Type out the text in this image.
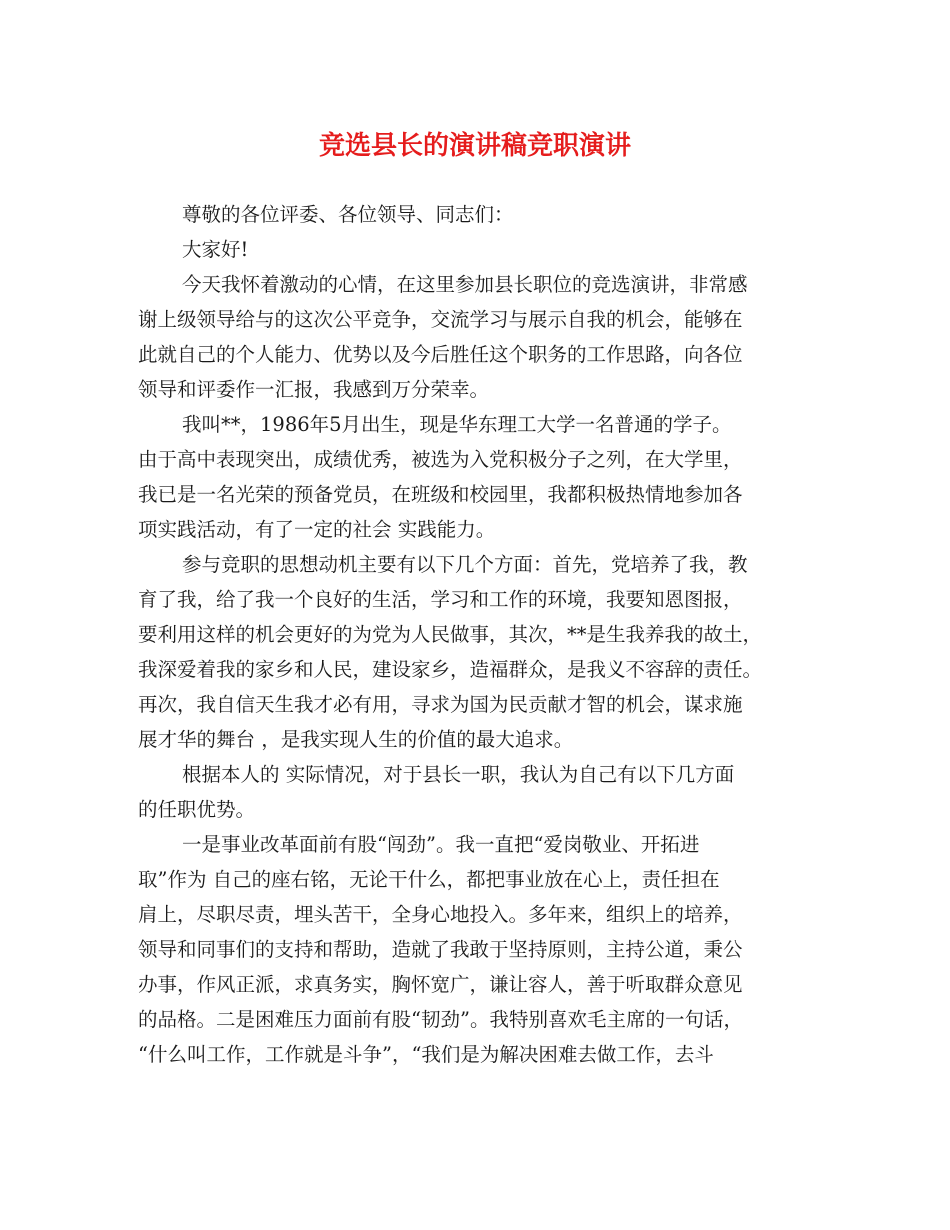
竞选县长的演讲稿竞职演讲
尊敬的各位评委、各位领导、同志们：
大家好!
今天我怀着激动的心情，在这里参加县长职位的竞选演讲，非常感
谢上级领导给与的这次公平竞争，交流学习与展示自我的机会，能够在
此就自己的个人能力、优势以及今后胜任这个职务的工作思路，向各位
领导和评委作一汇报，我感到万分荣幸。
我叫**，1986年5月出生，现是华东理工大学一名普通的学子。
由于高中表现突出，成绩优秀，被选为入党积极分子之列，在大学里，
我已是一名光荣的预备党员，在班级和校园里，我都积极热情地参加各
项实践活动，有了一定的社会 实践能力。
参与竞职的思想动机主要有以下几个方面：首先，党培养了我，教
育了我，给了我一个良好的生活，学习和工作的环境，我要知恩图报，
要利用这样的机会更好的为党为人民做事，其次，**是生我养我的故土，
我深爱着我的家乡和人民，建设家乡，造福群众，是我义不容辞的责任。
再次，我自信天生我才必有用，寻求为国为民贡献才智的机会，谋求施
展才华的舞台 ，是我实现人生的价值的最大追求。
根据本人的 实际情况，对于县长一职，我认为自己有以下几方面
的任职优势。
一是事业改革面前有股“闯劲”。我一直把“爱岗敬业、开拓进
取”作为 自己的座右铭，无论干什么，都把事业放在心上，责任担在
肩上，尽职尽责，埋头苦干，全身心地投入。多年来，组织上的培养，
领导和同事们的支持和帮助，造就了我敢于坚持原则，主持公道，秉公
办事，作风正派，求真务实，胸怀宽广，谦让容人，善于听取群众意见
的品格。二是困难压力面前有股“韧劲”。我特别喜欢毛主席的一句话，
“什么叫工作，工作就是斗争”，“我们是为解决困难去做工作，去斗
